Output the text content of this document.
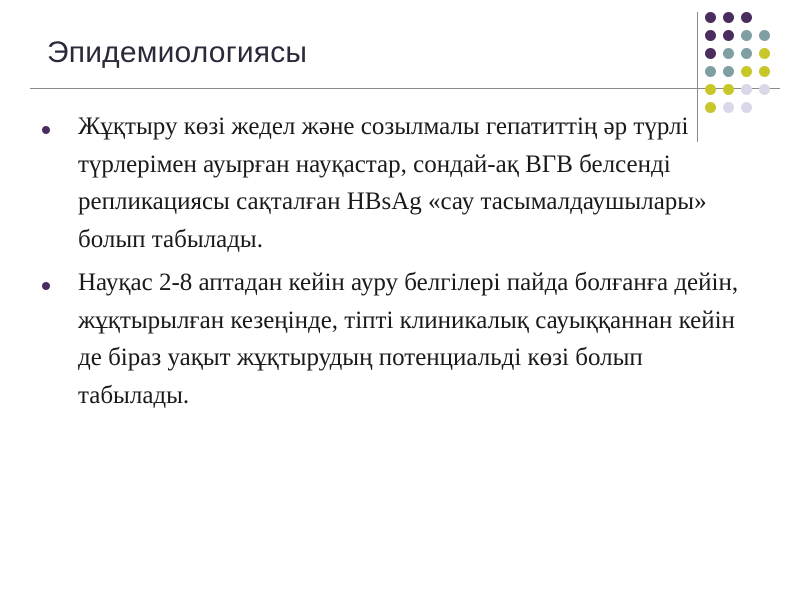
Эпидемиологиясы
Жұқтыру көзі жедел және созылмалы гепатиттің әр түрлі түрлерімен ауырған науқастар, сондай-ақ ВГВ белсенді репликациясы сақталған HBsAg «сау тасымалдаушылары» болып табылады.
Науқас 2-8 аптадан кейін ауру белгілері пайда болғанға дейін, жұқтырылған кезеңінде, тіпті клиникалық сауыққаннан кейін де біраз уақыт жұқтырудың потенциальді көзі болып табылады.
